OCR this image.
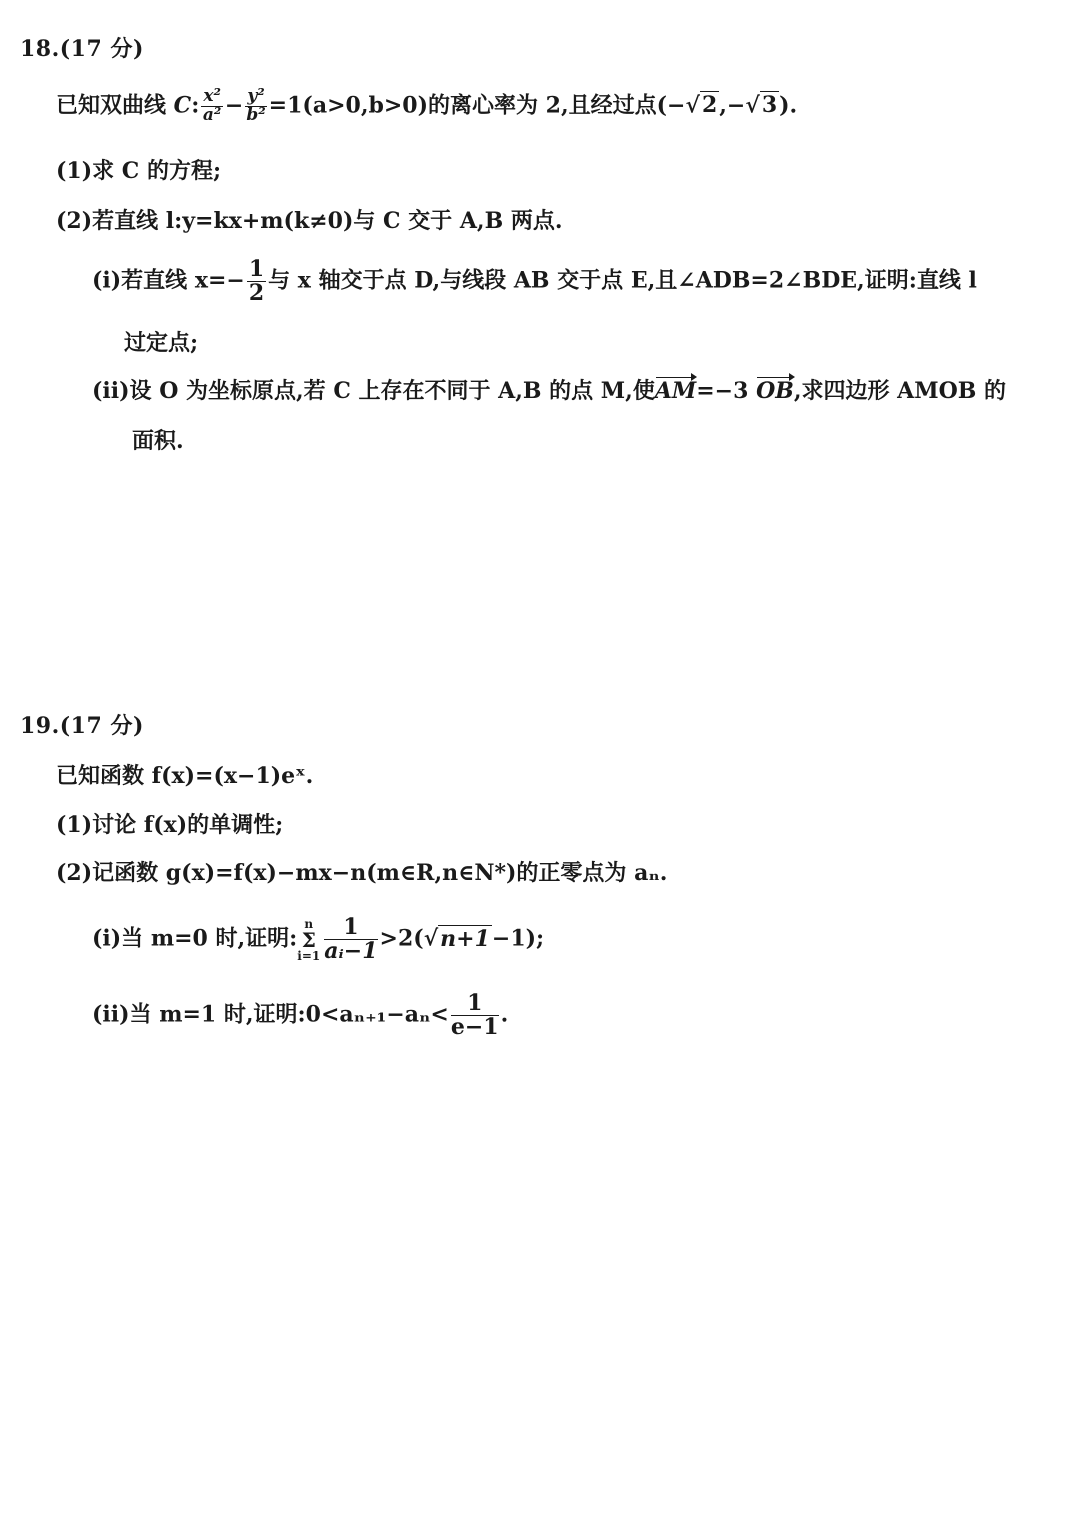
18.(17 分)
已知双曲线 C: $\frac{\text{x²}}{\text{a²}} - \frac{\text{y²}}{\text{b²}} =1(a>0,b>0)$的离心率为 2,且经过点(−√2,−√3).
(1)求 C 的方程;
(2)若直线 l:y=kx+m(k≠0)与 C 交于 A,B 两点.
(i)若直线 $x=- \frac{1}{2}$ 与 x 轴交于点 D,与线段 AB 交于点 E,且∠ADB=2∠BDE,证明:直线 l
过定点;
(ii)设 O 为坐标原点,若 C 上存在不同于 A,B 的点 M,使AM=−3 OB,求四边形 AMOB 的
面积.
19.(17 分)
已知函数 f(x)=(x−1)eˣ.
(1)讨论 f(x)的单调性;
(2)记函数 g(x)=f(x)−mx−n(m∈R,n∈N*)的正零点为 aₙ.
(i)当 m=0 时,证明:n
Σ
$i=1 \frac{1}{\text{aᵢ−1}} >2(√n+1-1)$;
(ii)当 m=1 时,证明:0<aₙ₊₁−aₙ< $\frac{1}{e-1}$ .
